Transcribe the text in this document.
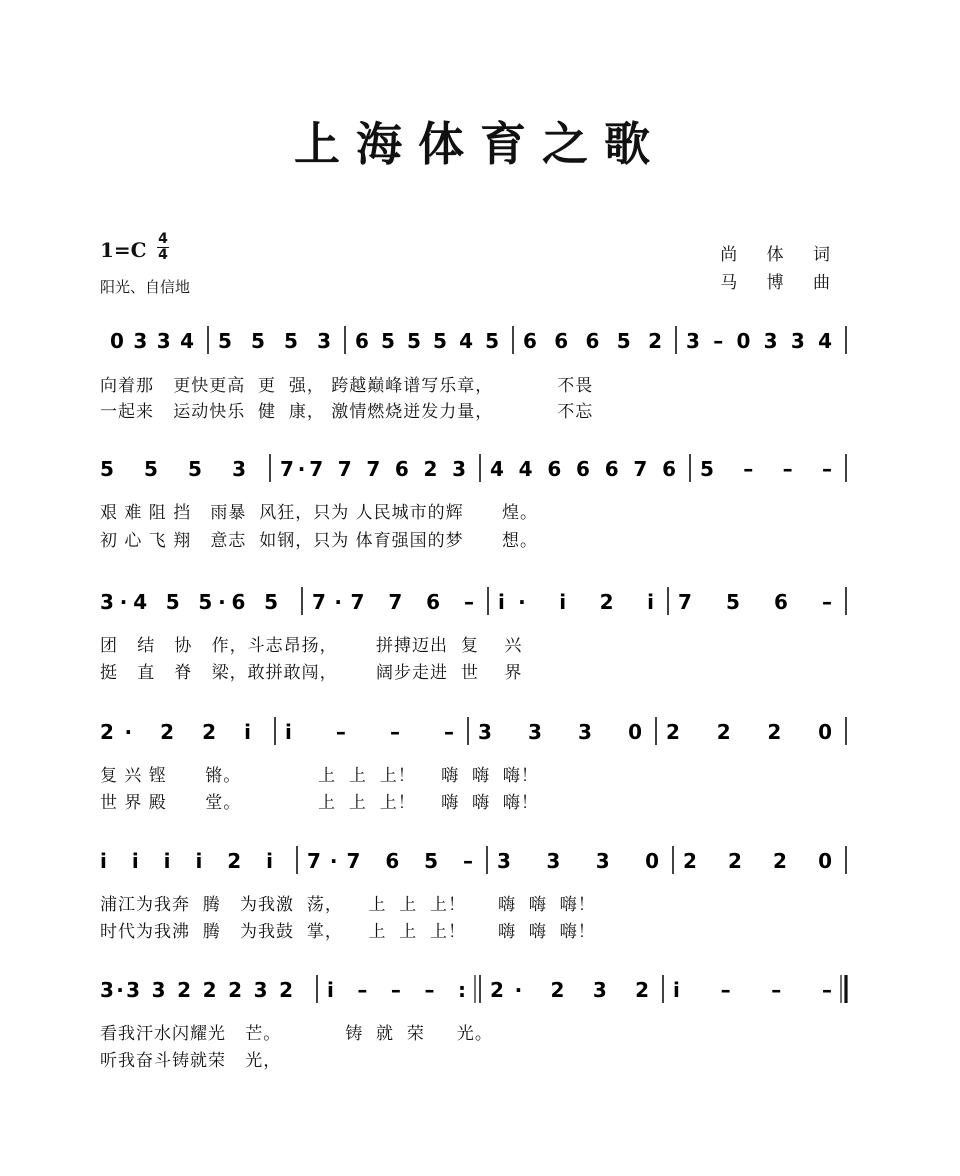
上海体育之歌
1=C 4
4
阳光、自信地
尚 体 词
马 博 曲
0 3 3 4 5 5 5 3 6 5 5 5 4 5 6 6 6 5 2 3 – 0 3 3 4
5 5 5 3 7·7 7 7 6 2 3 4 4 6 6 6 7 6 5 – – –
3·4 5 5·6 5 7·7 7 6 – i· i 2 i 7 5 6 –
2· 2 2 i i – – – 3 3 3 0 2 2 2 0
i i i i 2 i 7·7 6 5 – 3 3 3 0 2 2 2 0
3·3 3 2 2 2 3 2 i – – – : 2· 2 3 2 i – – –
向着那   更快更高  更  强， 跨越巅峰谱写乐章，          不畏
一起来   运动快乐  健  康， 激情燃烧迸发力量，          不忘
艰 难 阻 挡   雨暴  风狂，只为 人民城市的辉      煌。
初 心 飞 翔   意志  如钢，只为 体育强国的梦      想。
团   结   协   作，斗志昂扬，      拼搏迈出  复    兴
挺   直   脊   梁，敢拼敢闯，      阔步走进  世    界
复 兴 铿      锵。            上  上  上！    嗨  嗨  嗨！
世 界 殿      堂。            上  上  上！    嗨  嗨  嗨！
浦江为我奔  腾   为我激  荡，    上  上  上！     嗨  嗨  嗨！
时代为我沸  腾   为我鼓  掌，    上  上  上！     嗨  嗨  嗨！
看我汗水闪耀光   芒。          铸  就  荣     光。
听我奋斗铸就荣   光，
